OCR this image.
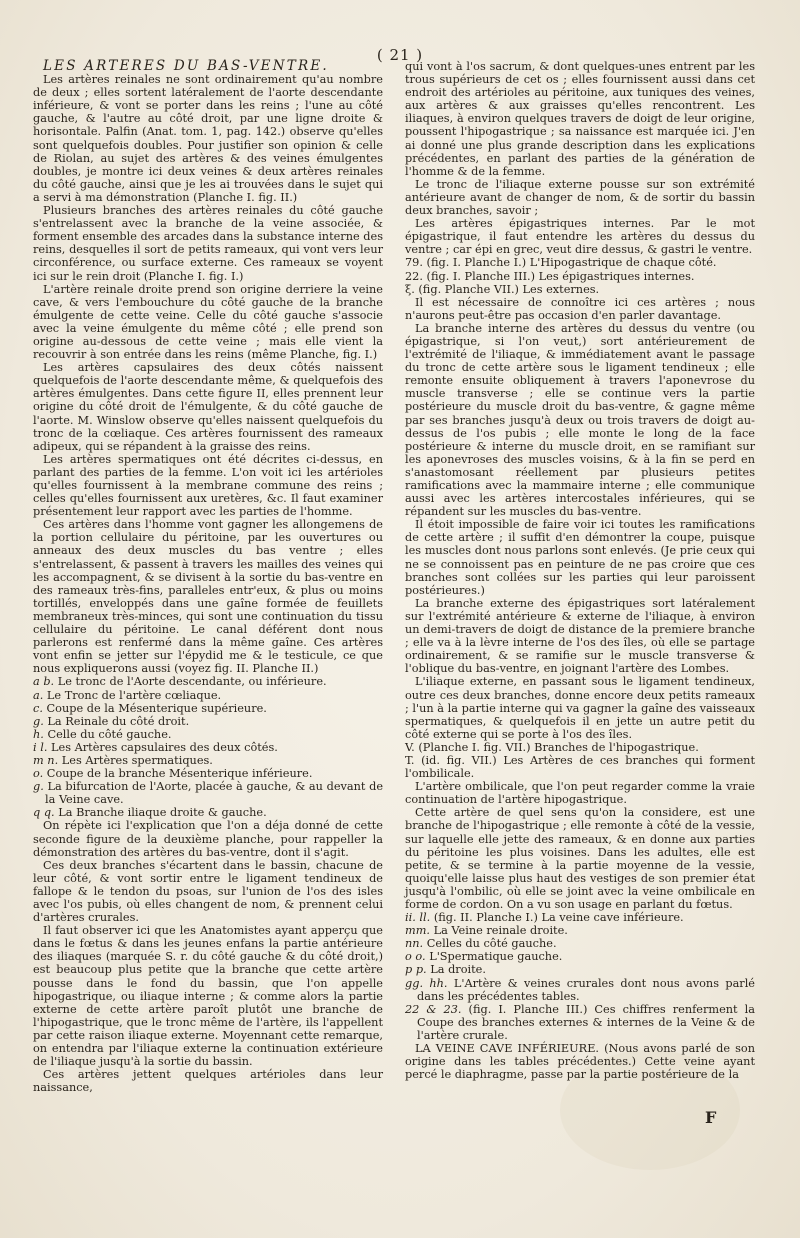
( 21 )

LES ARTERES DU BAS-VENTRE.

Les artères reinales ne sont ordinairement qu'au nombre de deux ; elles sortent latéralement de l'aorte descendante inférieure, & vont se porter dans les reins ; l'une au côté gauche, & l'autre au côté droit, par une ligne droite & horisontale. Palfin (Anat. tom. 1, pag. 142.) observe qu'elles sont quelquefois doubles. Pour justifier son opinion & celle de Riolan, au sujet des artères & des veines émulgentes doubles, je montre ici deux veines & deux artères reinales du côté gauche, ainsi que je les ai trouvées dans le sujet qui a servi à ma démonstration (Planche I. fig. II.)

Plusieurs branches des artères reinales du côté gauche s'entrelassent avec la branche de la veine associée, & forment ensemble des arcades dans la substance interne des reins, desquelles il sort de petits rameaux, qui vont vers leur circonférence, ou surface externe. Ces rameaux se voyent ici sur le rein droit (Planche I. fig. I.)

L'artère reinale droite prend son origine derriere la veine cave, & vers l'embouchure du côté gauche de la branche émulgente de cette veine. Celle du côté gauche s'associe avec la veine émulgente du même côté ; elle prend son origine au-dessous de cette veine ; mais elle vient la recouvrir à son entrée dans les reins (même Planche, fig. I.)

Les artères capsulaires des deux côtés naissent quelquefois de l'aorte descendante même, & quelquefois des artères émulgentes. Dans cette figure II, elles prennent leur origine du côté droit de l'émulgente, & du côté gauche de l'aorte. M. Winslow observe qu'elles naissent quelquefois du tronc de la cœliaque. Ces artères fournissent des rameaux adipeux, qui se répandent à la graisse des reins.

Les artères spermatiques ont été décrites ci-dessus, en parlant des parties de la femme. L'on voit ici les artérioles qu'elles fournissent à la membrane commune des reins ; celles qu'elles fournissent aux uretères, &c. Il faut examiner présentement leur rapport avec les parties de l'homme.

Ces artères dans l'homme vont gagner les allongemens de la portion cellulaire du péritoine, par les ouvertures ou anneaux des deux muscles du bas ventre ; elles s'entrelassent, & passent à travers les mailles des veines qui les accompagnent, & se divisent à la sortie du bas-ventre en des rameaux très-fins, paralleles entr'eux, & plus ou moins tortillés, enveloppés dans une gaîne formée de feuillets membraneux très-minces, qui sont une continuation du tissu cellulaire du péritoine. Le canal déférent dont nous parlerons est renfermé dans la même gaîne. Ces artères vont enfin se jetter sur l'épydid me & le testicule, ce que nous expliquerons aussi (voyez fig. II. Planche II.)

a b. Le tronc de l'Aorte descendante, ou inférieure.

a. Le Tronc de l'artère cœliaque.

c. Coupe de la Mésenterique supérieure.

g. La Reinale du côté droit.

h. Celle du côté gauche.

i l. Les Artères capsulaires des deux côtés.

m n. Les Artères spermatiques.

o. Coupe de la branche Mésenterique inférieure.

g. La bifurcation de l'Aorte, placée à gauche, & au devant de la Veine cave.

q q. La Branche iliaque droite & gauche.

On répète ici l'explication que l'on a déja donné de cette seconde figure de la deuxième planche, pour rappeller la démonstration des artères du bas-ventre, dont il s'agit.

Ces deux branches s'écartent dans le bassin, chacune de leur côté, & vont sortir entre le ligament tendineux de fallope & le tendon du psoas, sur l'union de l'os des isles avec l'os pubis, où elles changent de nom, & prennent celui d'artères crurales.

Il faut observer ici que les Anatomistes ayant apperçu que dans le fœtus & dans les jeunes enfans la partie antérieure des iliaques (marquée S. r. du côté gauche & du côté droit,) est beaucoup plus petite que la branche que cette artère pousse dans le fond du bassin, que l'on appelle hipogastrique, ou iliaque interne ; & comme alors la partie externe de cette artère paroît plutôt une branche de l'hipogastrique, que le tronc même de l'artère, ils l'appellent par cette raison iliaque externe. Moyennant cette remarque, on entendra par l'iliaque externe la continuation extérieure de l'iliaque jusqu'à la sortie du bassin.

Ces artères jettent quelques artérioles dans leur naissance,

qui vont à l'os sacrum, & dont quelques-unes entrent par les trous supérieurs de cet os ; elles fournissent aussi dans cet endroit des artérioles au péritoine, aux tuniques des veines, aux artères & aux graisses qu'elles rencontrent. Les iliaques, à environ quelques travers de doigt de leur origine, poussent l'hipogastrique ; sa naissance est marquée ici. J'en ai donné une plus grande description dans les explications précédentes, en parlant des parties de la génération de l'homme & de la femme.

Le tronc de l'iliaque externe pousse sur son extrémité antérieure avant de changer de nom, & de sortir du bassin deux branches, savoir ;

Les artères épigastriques internes. Par le mot épigastrique, il faut entendre les artères du dessus du ventre ; car épi en grec, veut dire dessus, & gastri le ventre.

79. (fig. I. Planche I.) L'Hipogastrique de chaque côté.

22. (fig. I. Planche III.) Les épigastriques internes.

ξ. (fig. Planche VII.) Les externes.

Il est nécessaire de connoître ici ces artères ; nous n'aurons peut-être pas occasion d'en parler davantage.

La branche interne des artères du dessus du ventre (ou épigastrique, si l'on veut,) sort antérieurement de l'extrémité de l'iliaque, & immédiatement avant le passage du tronc de cette artère sous le ligament tendineux ; elle remonte ensuite obliquement à travers l'aponevrose du muscle transverse ; elle se continue vers la partie postérieure du muscle droit du bas-ventre, & gagne même par ses branches jusqu'à deux ou trois travers de doigt au-dessus de l'os pubis ; elle monte le long de la face postérieure & interne du muscle droit, en se ramifiant sur les aponevroses des muscles voisins, & à la fin se perd en s'anastomosant réellement par plusieurs petites ramifications avec la mammaire interne ; elle communique aussi avec les artères intercostales inférieures, qui se répandent sur les muscles du bas-ventre.

Il étoit impossible de faire voir ici toutes les ramifications de cette artère ; il suffit d'en démontrer la coupe, puisque les muscles dont nous parlons sont enlevés. (Je prie ceux qui ne se connoissent pas en peinture de ne pas croire que ces branches sont collées sur les parties qui leur paroissent postérieures.)

La branche externe des épigastriques sort latéralement sur l'extrémité antérieure & externe de l'iliaque, à environ un demi-travers de doigt de distance de la premiere branche ; elle va à la lèvre interne de l'os des îles, où elle se partage ordinairement, & se ramifie sur le muscle transverse & l'oblique du bas-ventre, en joignant l'artère des Lombes.

L'iliaque externe, en passant sous le ligament tendineux, outre ces deux branches, donne encore deux petits rameaux ; l'un à la partie interne qui va gagner la gaîne des vaisseaux spermatiques, & quelquefois il en jette un autre petit du côté externe qui se porte à l'os des îles.

V. (Planche I. fig. VII.) Branches de l'hipogastrique.

T. (id. fig. VII.) Les Artères de ces branches qui forment l'ombilicale.

L'artère ombilicale, que l'on peut regarder comme la vraie continuation de l'artère hipogastrique.

Cette artère de quel sens qu'on la considere, est une branche de l'hipogastrique ; elle remonte à côté de la vessie, sur laquelle elle jette des rameaux, & en donne aux parties du péritoine les plus voisines. Dans les adultes, elle est petite, & se termine à la partie moyenne de la vessie, quoiqu'elle laisse plus haut des vestiges de son premier état jusqu'à l'ombilic, où elle se joint avec la veine ombilicale en forme de cordon. On a vu son usage en parlant du fœtus.

ii. ll. (fig. II. Planche I.) La veine cave inférieure.

mm. La Veine reinale droite.

nn. Celles du côté gauche.

o o. L'Spermatique gauche.

p p. La droite.

gg. hh. L'Artère & veines crurales dont nous avons parlé dans les précédentes tables.

22 & 23. (fig. I. Planche III.) Ces chiffres renferment la Coupe des branches externes & internes de la Veine & de l'artère crurale.

LA VEINE CAVE INFÉRIEURE. (Nous avons parlé de son origine dans les tables précédentes.) Cette veine ayant percé le diaphragme, passe par la partie postérieure de la

F
